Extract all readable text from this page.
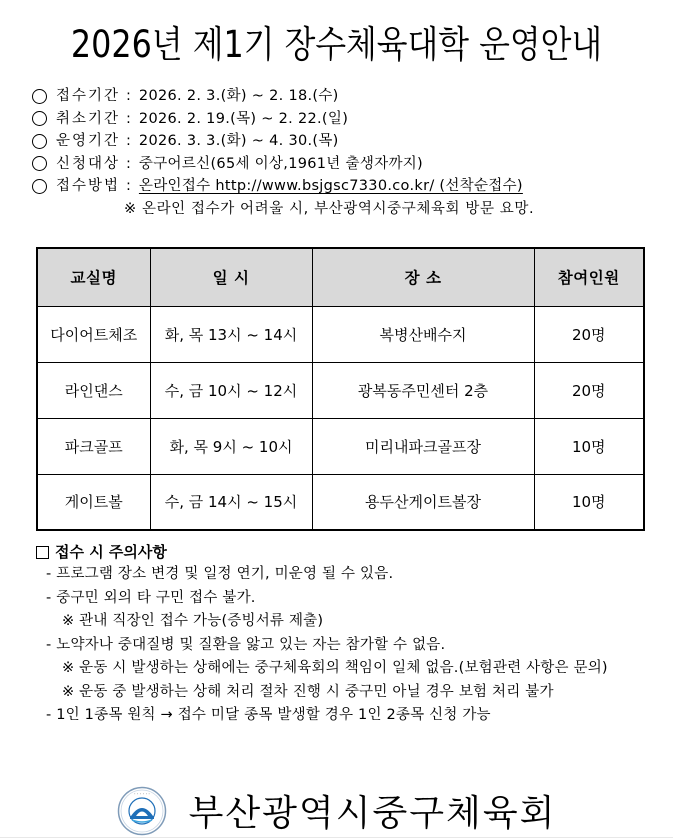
2026년 제1기 장수체육대학 운영안내
접수기간 : 2026. 2. 3.(화) ~ 2. 18.(수)
취소기간 : 2026. 2. 19.(목) ~ 2. 22.(일)
운영기간 : 2026. 3. 3.(화) ~ 4. 30.(목)
신청대상 : 중구어르신(65세 이상,1961년 출생자까지)
접수방법 : 온라인접수 http://www.bsjgsc7330.co.kr/ (선착순접수)
※ 온라인 접수가 어려울 시, 부산광역시중구체육회 방문 요망.
교실명	일 시	장 소	참여인원
다이어트체조	화, 목 13시 ~ 14시	복병산배수지	20명
라인댄스	수, 금 10시 ~ 12시	광복동주민센터 2층	20명
파크골프	화, 목 9시 ~ 10시	미리내파크골프장	10명
게이트볼	수, 금 14시 ~ 15시	용두산게이트볼장	10명
접수 시 주의사항
- 프로그램 장소 변경 및 일정 연기, 미운영 될 수 있음.
- 중구민 외의 타 구민 접수 불가.
※ 관내 직장인 접수 가능(증빙서류 제출)
- 노약자나 중대질병 및 질환을 앓고 있는 자는 참가할 수 없음.
※ 운동 시 발생하는 상해에는 중구체육회의 책임이 일체 없음.(보험관련 사항은 문의)
※ 운동 중 발생하는 상해 처리 절차 진행 시 중구민 아닐 경우 보험 처리 불가
- 1인 1종목 원칙 → 접수 미달 종목 발생할 경우 1인 2종목 신청 가능
· · · · · · 부산광역시중구체육회
